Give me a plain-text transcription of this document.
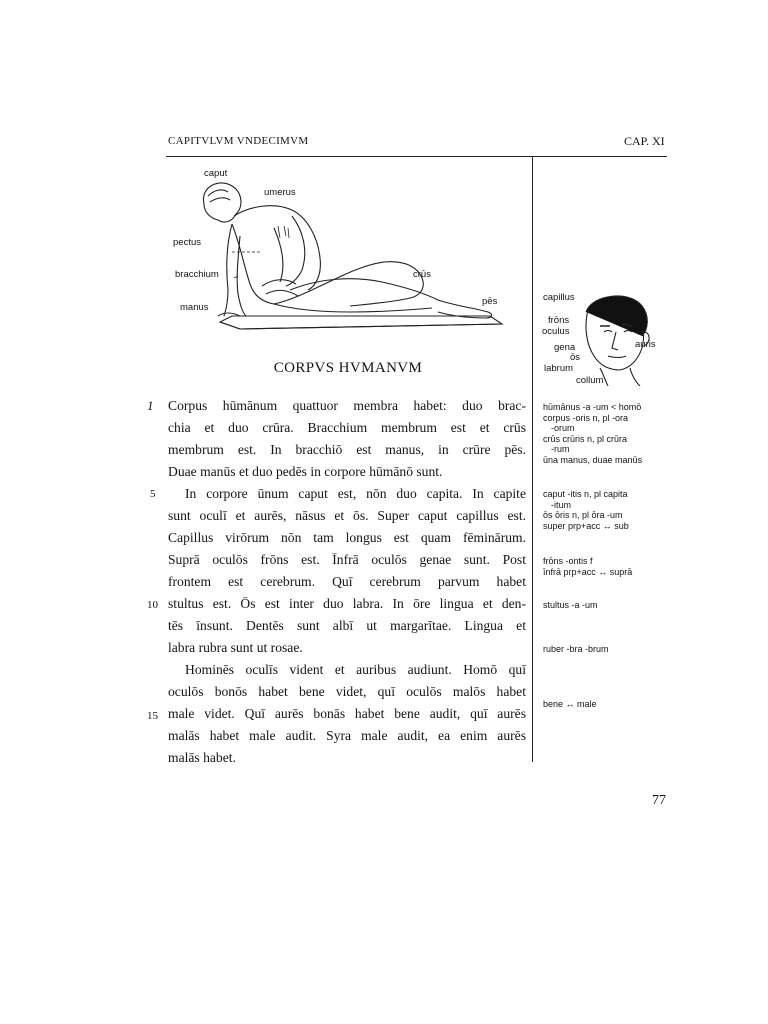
CAPITVLVM VNDECIMVM	CAP. XI
caput
umerus
pectus
bracchium
manus
crūs
pēs
CORPVS HVMANVM
1
5
10
15
Corpus hūmānum quattuor membra habet: duo brac-
chia et duo crūra. Bracchium membrum est et crūs
membrum est. In bracchiō est manus, in crūre pēs.
Duae manūs et duo pedēs in corpore hūmānō sunt.
In corpore ūnum caput est, nōn duo capita. In capite
sunt oculī et aurēs, nāsus et ōs. Super caput capillus est.
Capillus virōrum nōn tam longus est quam fēminārum.
Suprā oculōs frōns est. Īnfrā oculōs genae sunt. Post
frontem est cerebrum. Quī cerebrum parvum habet
stultus est. Ōs est inter duo labra. In ōre lingua et den-
tēs īnsunt. Dentēs sunt albī ut margarītae. Lingua et
labra rubra sunt ut rosae.
Hominēs oculīs vident et auribus audiunt. Homō quī
oculōs bonōs habet bene videt, quī oculōs malōs habet
male videt. Quī aurēs bonās habet bene audit, quī aurēs
malās habet male audit. Syra male audit, ea enim aurēs
malās habet.
capillus
frōns
oculus
auris
gena
ōs
labrum
collum
hūmānus -a -um < homō
corpus -oris n, pl -ora
-orum
crūs crūris n, pl crūra
-rum
ūna manus, duae manūs
caput -itis n, pl capita
-itum
ōs ōris n, pl ōra -um
super prp+acc ↔ sub
frōns -ontis f
īnfrā prp+acc ↔ suprā
stultus -a -um
ruber -bra -brum
bene ↔ male
77
